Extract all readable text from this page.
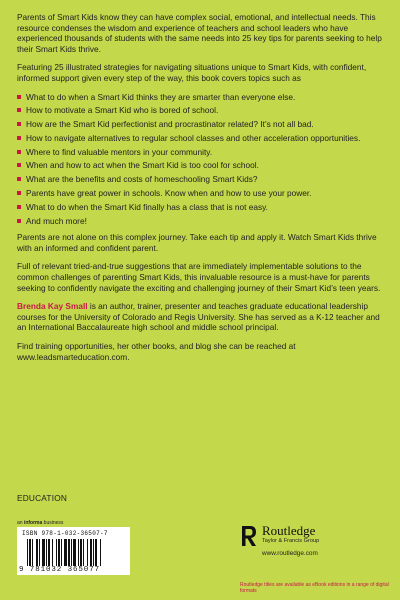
Parents of Smart Kids know they can have complex social, emotional, and intellectual needs. This resource condenses the wisdom and experience of teachers and school leaders who have experienced thousands of students with the same needs into 25 key tips for parents seeking to help their Smart Kids thrive.

Featuring 25 illustrated strategies for navigating situations unique to Smart Kids, with confident, informed support given every step of the way, this book covers topics such as

What to do when a Smart Kid thinks they are smarter than everyone else.
How to motivate a Smart Kid who is bored of school.
How are the Smart Kid perfectionist and procrastinator related? It’s not all bad.
How to navigate alternatives to regular school classes and other acceleration opportunities.
Where to find valuable mentors in your community.
When and how to act when the Smart Kid is too cool for school.
What are the benefits and costs of homeschooling Smart Kids?
Parents have great power in schools. Know when and how to use your power.
What to do when the Smart Kid finally has a class that is not easy.
And much more!

Parents are not alone on this complex journey. Take each tip and apply it. Watch Smart Kids thrive with an informed and confident parent.

Full of relevant tried-and-true suggestions that are immediately implementable solutions to the common challenges of parenting Smart Kids, this invaluable resource is a must-have for parents seeking to confidently navigate the exciting and challenging journey of their Smart Kid’s teen years.

Brenda Kay Small is an author, trainer, presenter and teaches graduate educational leadership courses for the University of Colorado and Regis University. She has served as a K-12 teacher and an International Baccalaureate high school and middle school principal.

Find training opportunities, her other books, and blog she can be reached at www.leadsmarteducation.com.

EDUCATION
an informa business
ISBN 978-1-032-36507-7
9 781032 365077
Routledge
Taylor & Francis Group
www.routledge.com
Routledge titles are available as eBook editions in a range of digital formats
